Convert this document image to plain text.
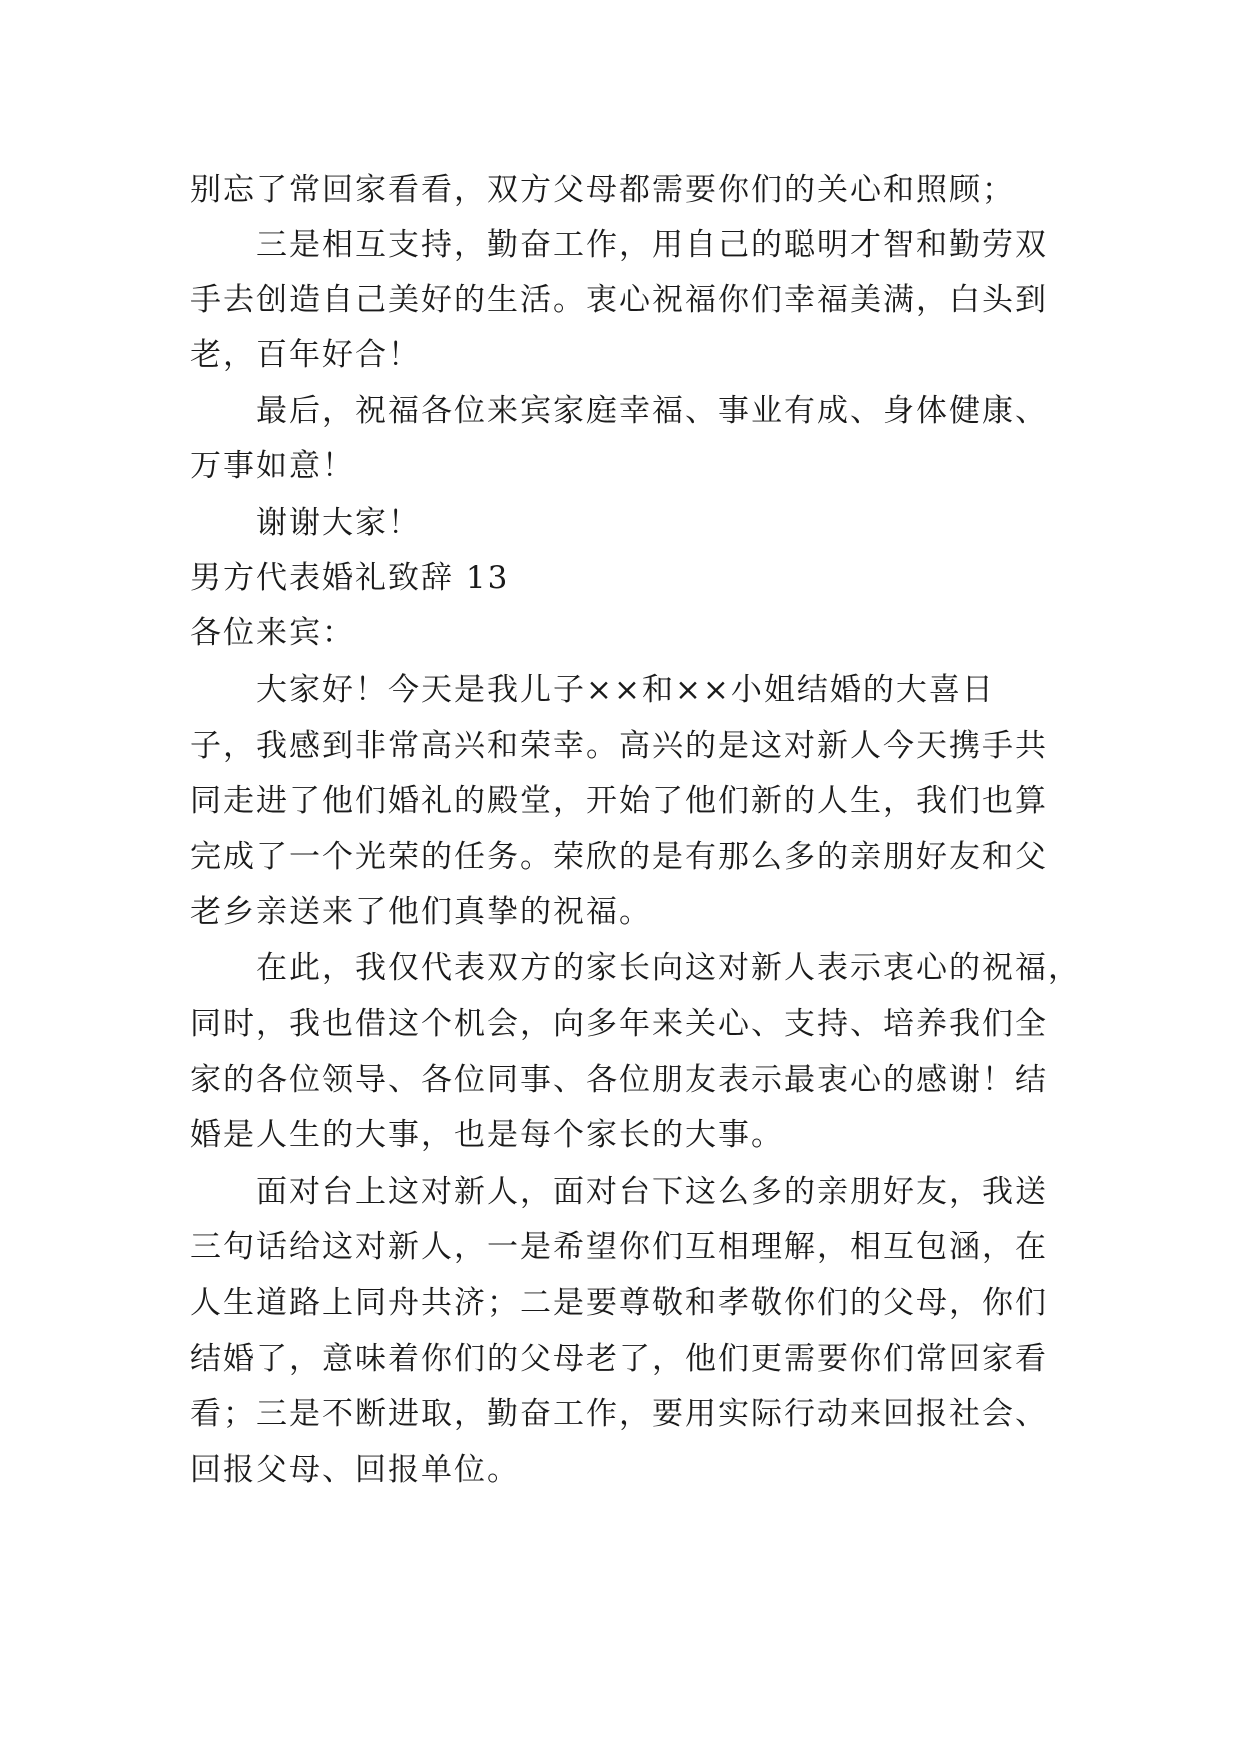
别忘了常回家看看，双方父母都需要你们的关心和照顾；
三是相互支持，勤奋工作，用自己的聪明才智和勤劳双
手去创造自己美好的生活。衷心祝福你们幸福美满，白头到
老，百年好合！
最后，祝福各位来宾家庭幸福、事业有成、身体健康、
万事如意！
谢谢大家！
男方代表婚礼致辞 13
各位来宾：
大家好！今天是我儿子××和××小姐结婚的大喜日
子，我感到非常高兴和荣幸。高兴的是这对新人今天携手共
同走进了他们婚礼的殿堂，开始了他们新的人生，我们也算
完成了一个光荣的任务。荣欣的是有那么多的亲朋好友和父
老乡亲送来了他们真挚的祝福。
在此，我仅代表双方的家长向这对新人表示衷心的祝福，
同时，我也借这个机会，向多年来关心、支持、培养我们全
家的各位领导、各位同事、各位朋友表示最衷心的感谢！结
婚是人生的大事，也是每个家长的大事。
面对台上这对新人，面对台下这么多的亲朋好友，我送
三句话给这对新人，一是希望你们互相理解，相互包涵，在
人生道路上同舟共济；二是要尊敬和孝敬你们的父母，你们
结婚了，意味着你们的父母老了，他们更需要你们常回家看
看；三是不断进取，勤奋工作，要用实际行动来回报社会、
回报父母、回报单位。
